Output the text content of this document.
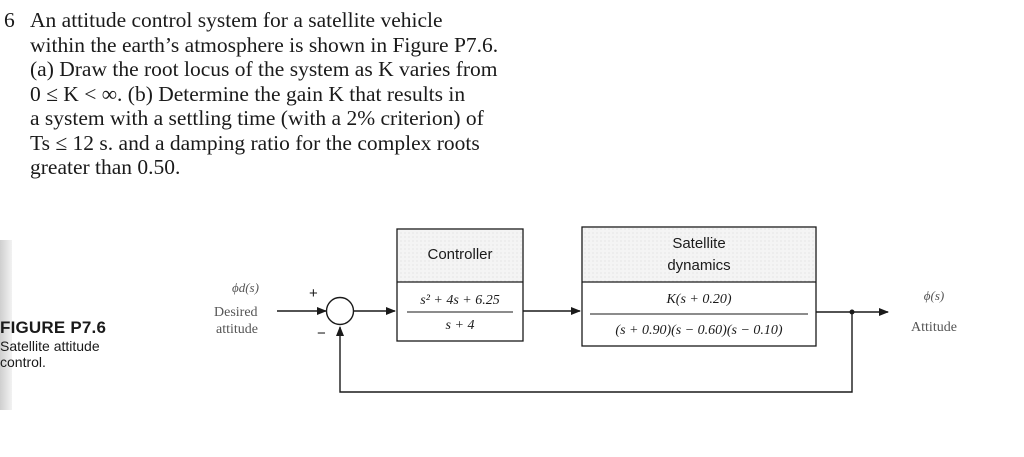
6 An attitude control system for a satellite vehicle
within the earth’s atmosphere is shown in Figure P7.6.
(a) Draw the root locus of the system as K varies from
0 ≤ K < ∞. (b) Determine the gain K that results in
a system with a settling time (with a 2% criterion) of
Ts ≤ 12 s. and a damping ratio for the complex roots
greater than 0.50.
FIGURE P7.6
Satellite attitude
control.
ϕd(s)
Desired
attitude
+
−
Controller
s² + 4s + 6.25
s + 4
Satellite
dynamics
K(s + 0.20)
(s + 0.90)(s − 0.60)(s − 0.10)
ϕ(s)
Attitude
